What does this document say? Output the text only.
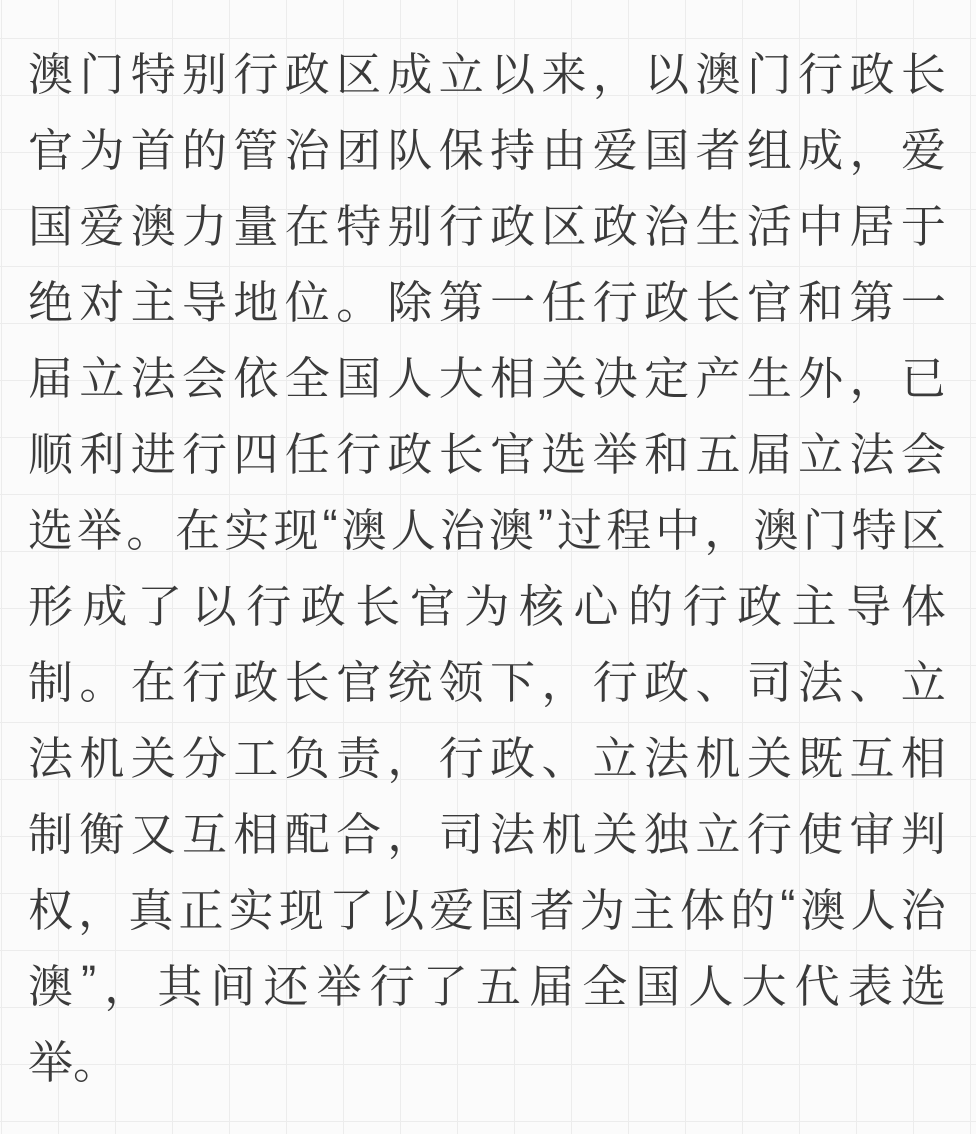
澳 门 特 别 行 政 区 成 立 以 来 ， 以 澳 门 行 政 长
官 为 首 的 管 治 团 队 保 持 由 爱 国 者 组 成 ， 爱
国 爱 澳 力 量 在 特 别 行 政 区 政 治 生 活 中 居 于
绝 对 主 导 地 位 。 除 第 一 任 行 政 长 官 和 第 一
届 立 法 会 依 全 国 人 大 相 关 决 定 产 生 外 ， 已
顺 利 进 行 四 任 行 政 长 官 选 举 和 五 届 立 法 会
选 举 。 在 实 现 “ 澳 人 治 澳 ” 过 程 中 ， 澳 门 特 区
形 成 了 以 行 政 长 官 为 核 心 的 行 政 主 导 体
制 。 在 行 政 长 官 统 领 下 ， 行 政 、 司 法 、 立
法 机 关 分 工 负 责 ， 行 政 、 立 法 机 关 既 互 相
制 衡 又 互 相 配 合 ， 司 法 机 关 独 立 行 使 审 判
权 ， 真 正 实 现 了 以 爱 国 者 为 主 体 的 “ 澳 人 治
澳 ” ， 其 间 还 举 行 了 五 届 全 国 人 大 代 表 选
举 。
